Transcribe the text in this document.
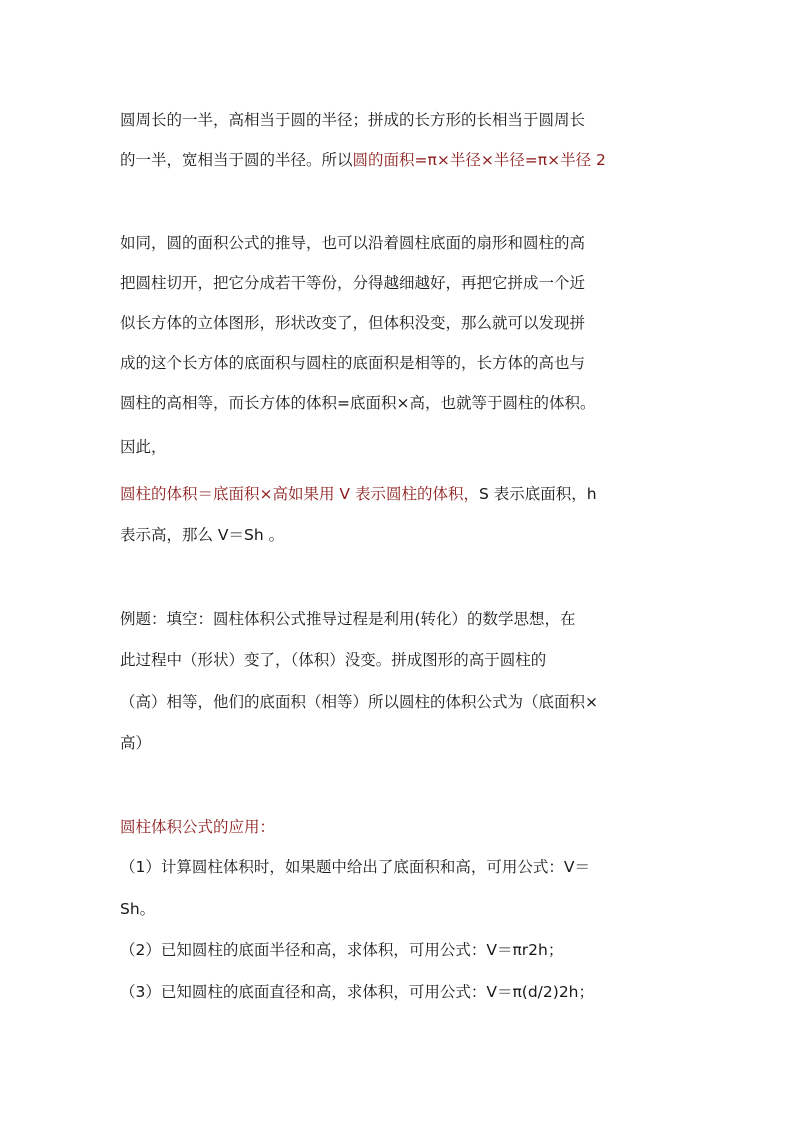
圆周长的一半，高相当于圆的半径；拼成的长方形的长相当于圆周长

的一半，宽相当于圆的半径。所以圆的面积=π×半径×半径=π×半径 2

如同，圆的面积公式的推导，也可以沿着圆柱底面的扇形和圆柱的高

把圆柱切开，把它分成若干等份，分得越细越好，再把它拼成一个近

似长方体的立体图形，形状改变了，但体积没变，那么就可以发现拼

成的这个长方体的底面积与圆柱的底面积是相等的，长方体的高也与

圆柱的高相等，而长方体的体积=底面积×高，也就等于圆柱的体积。

因此，

圆柱的体积＝底面积×高如果用 V 表示圆柱的体积，S 表示底面积，h

表示高，那么 V＝Sh 。

例题：填空：圆柱体积公式推导过程是利用(转化）的数学思想，在

此过程中（形状）变了，（体积）没变。拼成图形的高于圆柱的

（高）相等，他们的底面积（相等）所以圆柱的体积公式为（底面积×

高）

圆柱体积公式的应用：

（1）计算圆柱体积时，如果题中给出了底面积和高，可用公式：V＝

Sh。

（2）已知圆柱的底面半径和高，求体积，可用公式：V＝πr2h；

（3）已知圆柱的底面直径和高，求体积，可用公式：V＝π(d/2)2h；
